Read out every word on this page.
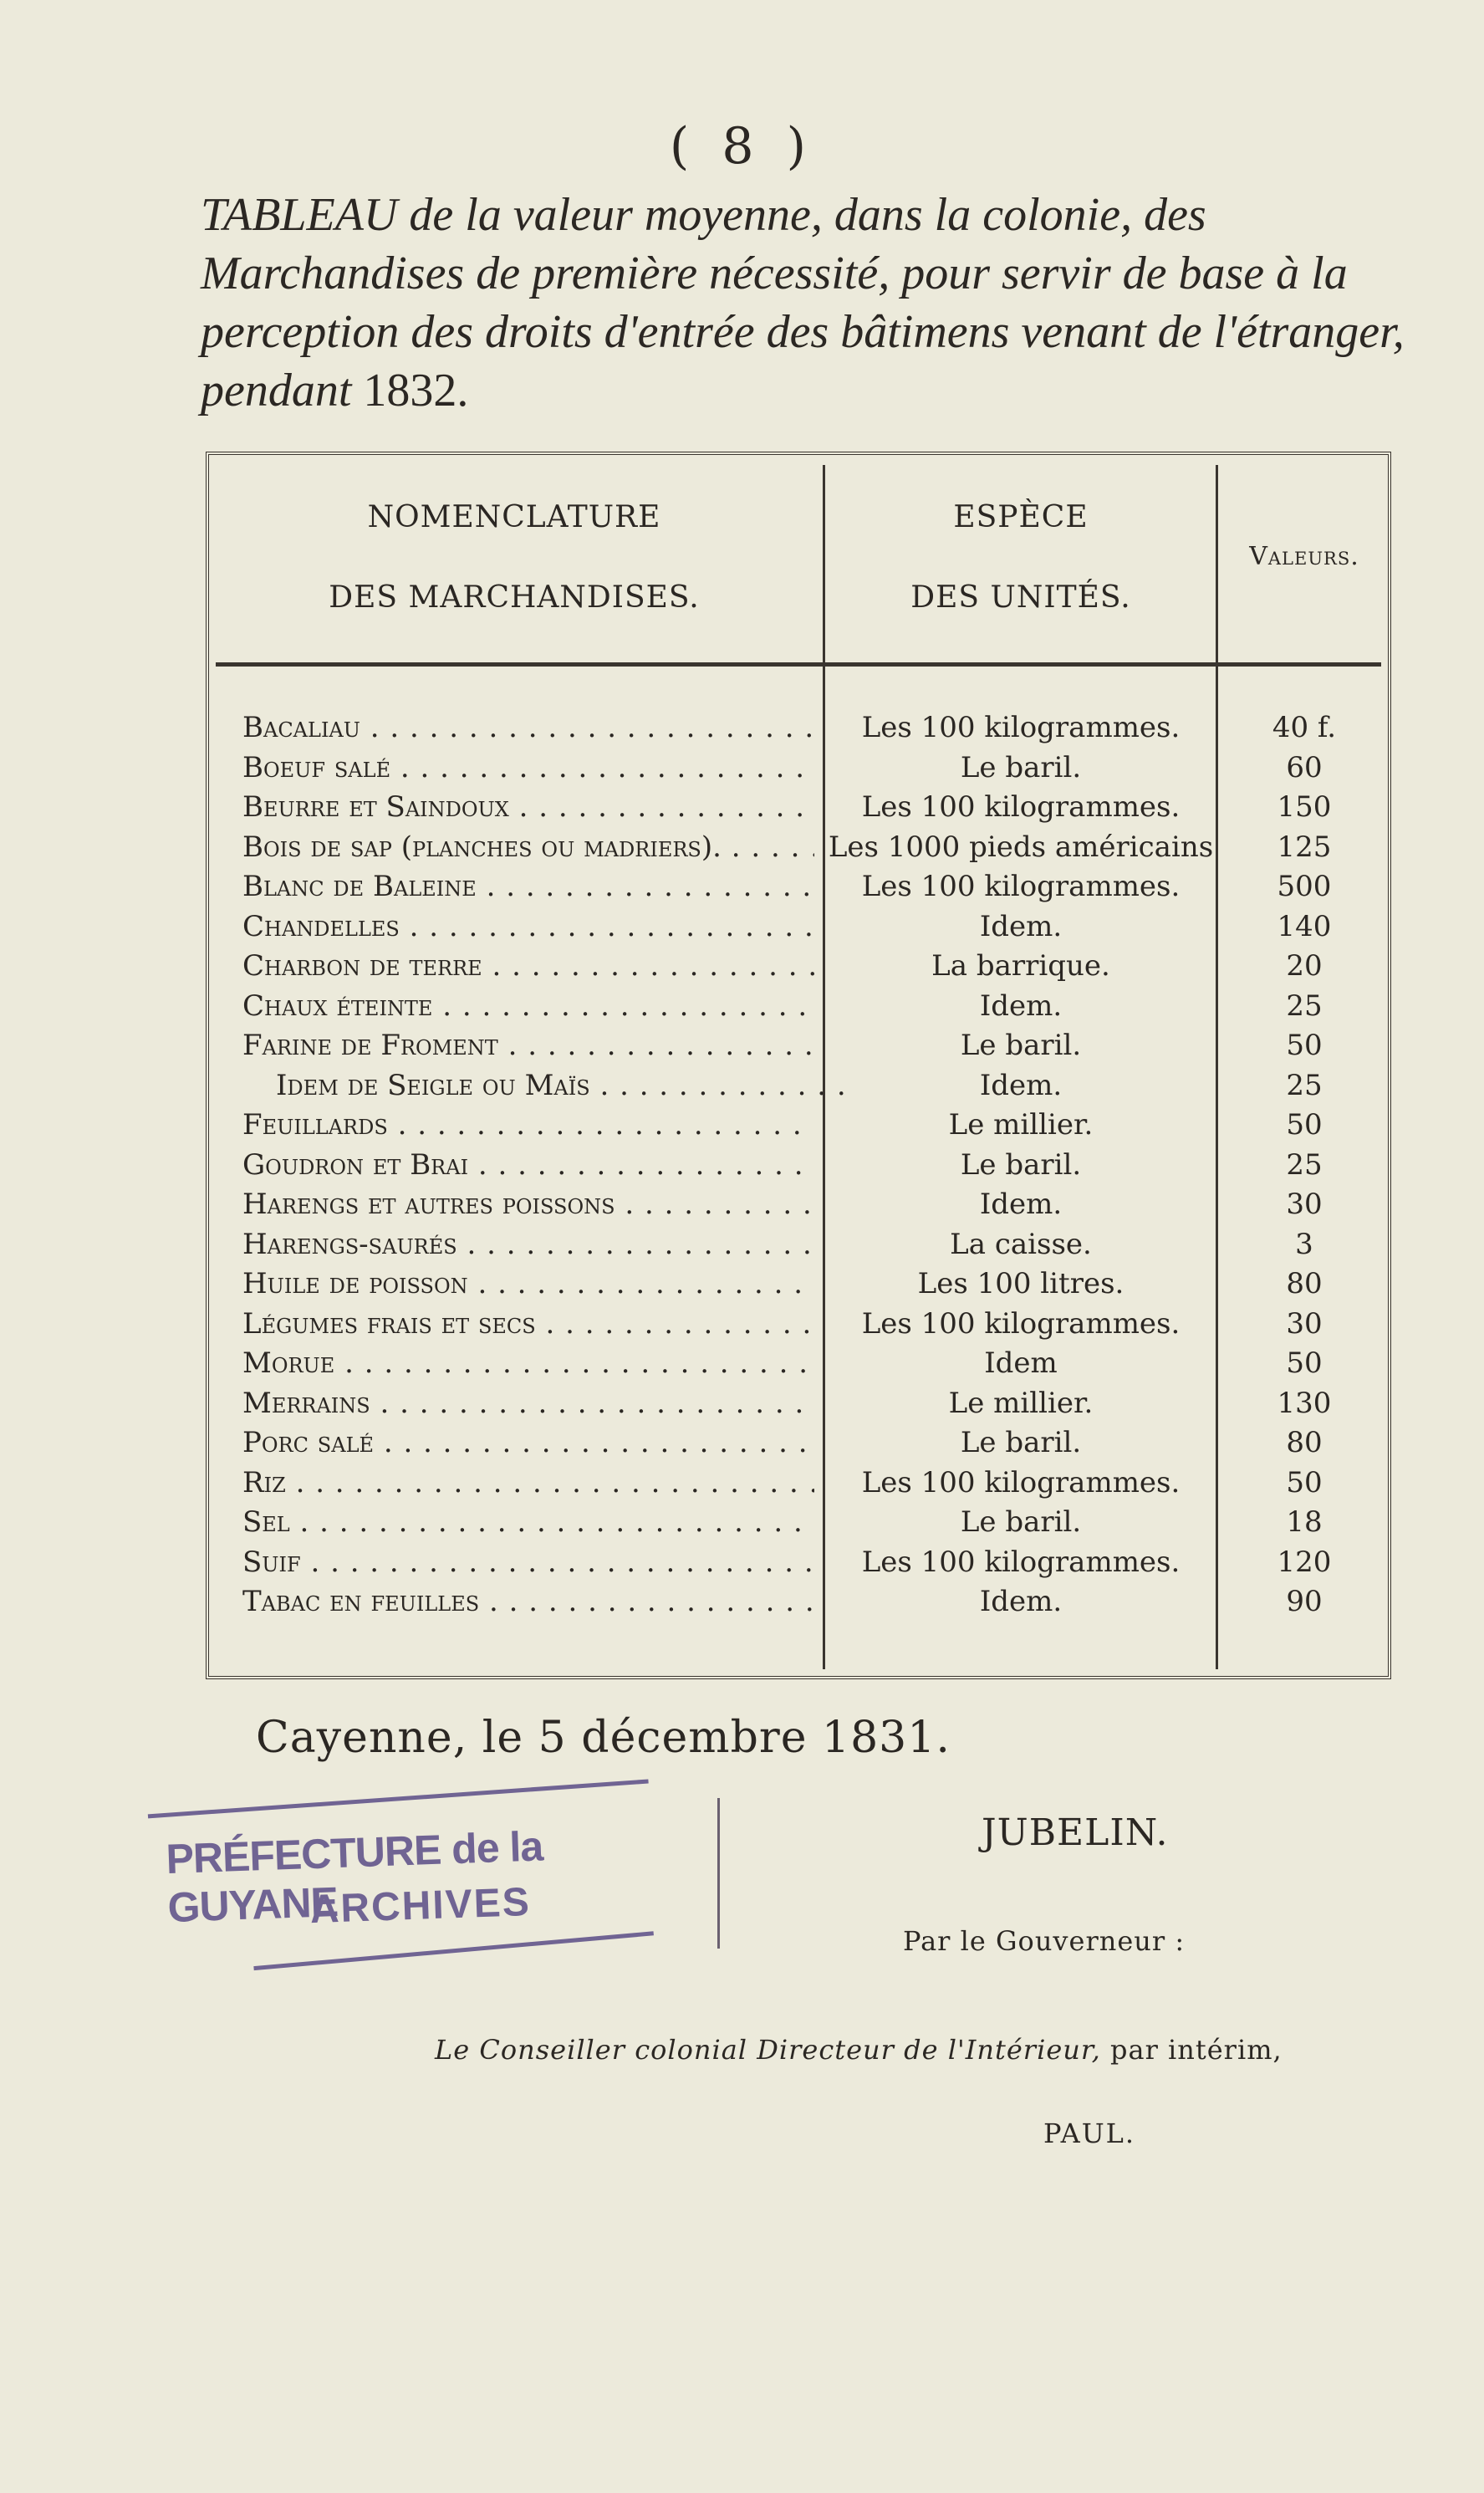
( 8 )
TABLEAU de la valeur moyenne, dans la colonie, des Marchandises de première nécessité, pour servir de base à la perception des droits d'entrée des bâtimens venant de l'étranger, pendant 1832.
NOMENCLATURE
DES MARCHANDISES.
ESPÈCE
DES UNITÉS.
Valeurs.
Bacaliau . . .	Les 100 kilogrammes.	40 f.
Boeuf salé . . .	Le baril.	60
Beurre et Saindoux . . .	Les 100 kilogrammes.	150
Bois de sap (planches ou madriers). . . .	Les 1000 pieds américains	125
Blanc de Baleine . . .	Les 100 kilogrammes.	500
Chandelles . . .	Idem.	140
Charbon de terre . . .	La barrique.	20
Chaux éteinte . . .	Idem.	25
Farine de Froment . . .	Le baril.	50
Idem de Seigle ou Maïs . . .	Idem.	25
Feuillards . . .	Le millier.	50
Goudron et Brai . . .	Le baril.	25
Harengs et autres poissons . . .	Idem.	30
Harengs-saurés . . .	La caisse.	3
Huile de poisson . . .	Les 100 litres.	80
Légumes frais et secs . . .	Les 100 kilogrammes.	30
Morue . . .	Idem	50
Merrains . . .	Le millier.	130
Porc salé . . .	Le baril.	80
Riz . . .	Les 100 kilogrammes.	50
Sel . . .	Le baril.	18
Suif . . .	Les 100 kilogrammes.	120
Tabac en feuilles . . .	Idem.	90
Cayenne, le 5 décembre 1831.
PRÉFECTURE de la GUYANE
ARCHIVES
JUBELIN.
Par le Gouverneur :
Le Conseiller colonial Directeur de l'Intérieur, par intérim,
PAUL.
